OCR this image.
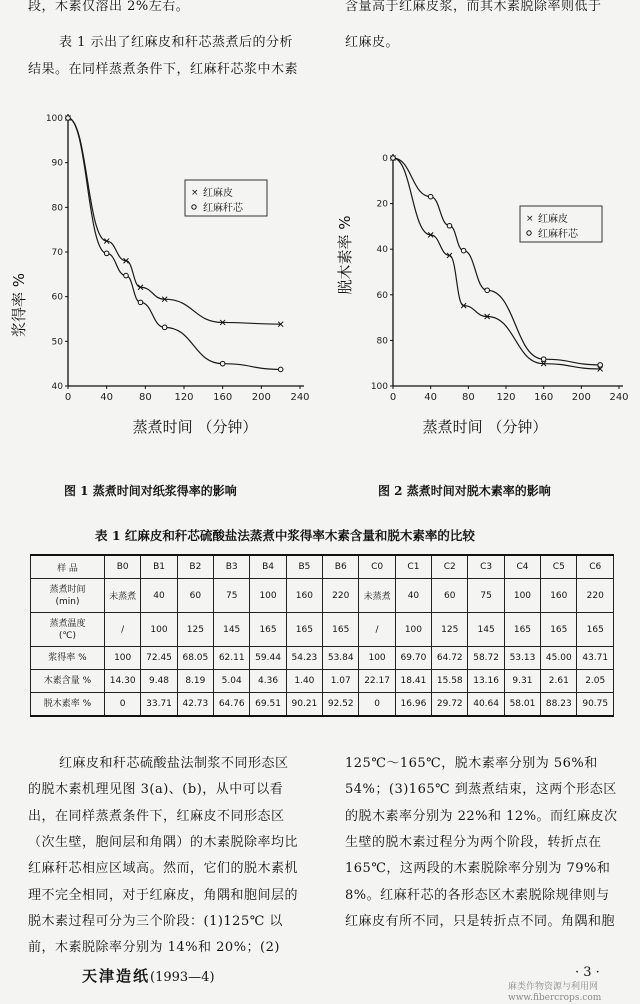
段，木素仅溶出 2%左右。
表 1 示出了红麻皮和秆芯蒸煮后的分析
结果。在同样蒸煮条件下，红麻秆芯浆中木素
含量高于红麻皮浆，而其木素脱除率则低于
红麻皮。
100
90
80
70
60
50
40
0	40	80 120 160 200 240
× 红麻皮
红麻秆芯
浆得率 %
蒸煮时间 （分钟）
图 1 蒸煮时间对纸浆得率的影响
0
20
40
60
80
100
0	40 80 120 160 200 240
× 红麻皮
红麻秆芯
脱木素率 %
蒸煮时间 （分钟）
图 2 蒸煮时间对脱木素率的影响
表 1 红麻皮和秆芯硫酸盐法蒸煮中浆得率木素含量和脱木素率的比较
样 品	B0	B1	B2	B3	B4	B5	B6	C0	C1	C2	C3	C4	C5	C6

蒸煮时间
(min)	未蒸煮	40	60	75	100	160	220	未蒸煮	40	60	75	100	160	220

蒸煮温度
(℃)	/	100	125	145	165	165	165	/	100	125	145	165	165	165

浆得率 %	100	72.45	68.05	62.11	59.44	54.23	53.84	100	69.70	64.72	58.72	53.13	45.00	43.71

木素含量 %	14.30	9.48	8.19	5.04	4.36	1.40	1.07	22.17	18.41	15.58	13.16	9.31	2.61	2.05

脱木素率 %	0	33.71	42.73	64.76	69.51	90.21	92.52	0	16.96	29.72	40.64	58.01	88.23	90.75
红麻皮和秆芯硫酸盐法制浆不同形态区
的脱木素机理见图 3(a)、(b)，从中可以看
出，在同样蒸煮条件下，红麻皮不同形态区
（次生壁，胞间层和角隅）的木素脱除率均比
红麻秆芯相应区域高。然而，它们的脱木素机
理不完全相同，对于红麻皮，角隅和胞间层的
脱木素过程可分为三个阶段：(1)125℃ 以
前，木素脱除率分别为 14%和 20%；(2)
125℃～165℃，脱木素率分别为 56%和
54%；(3)165℃ 到蒸煮结束，这两个形态区
的脱木素率分别为 22%和 12%。而红麻皮次
生壁的脱木素过程分为两个阶段，转折点在
165℃，这两段的木素脱除率分别为 79%和
8%。红麻秆芯的各形态区木素脱除规律则与
红麻皮有所不同，只是转折点不同。角隅和胞
天津造纸(1993—4)	· 3 ·
麻类作物资源与利用网
www.fibercrops.com
